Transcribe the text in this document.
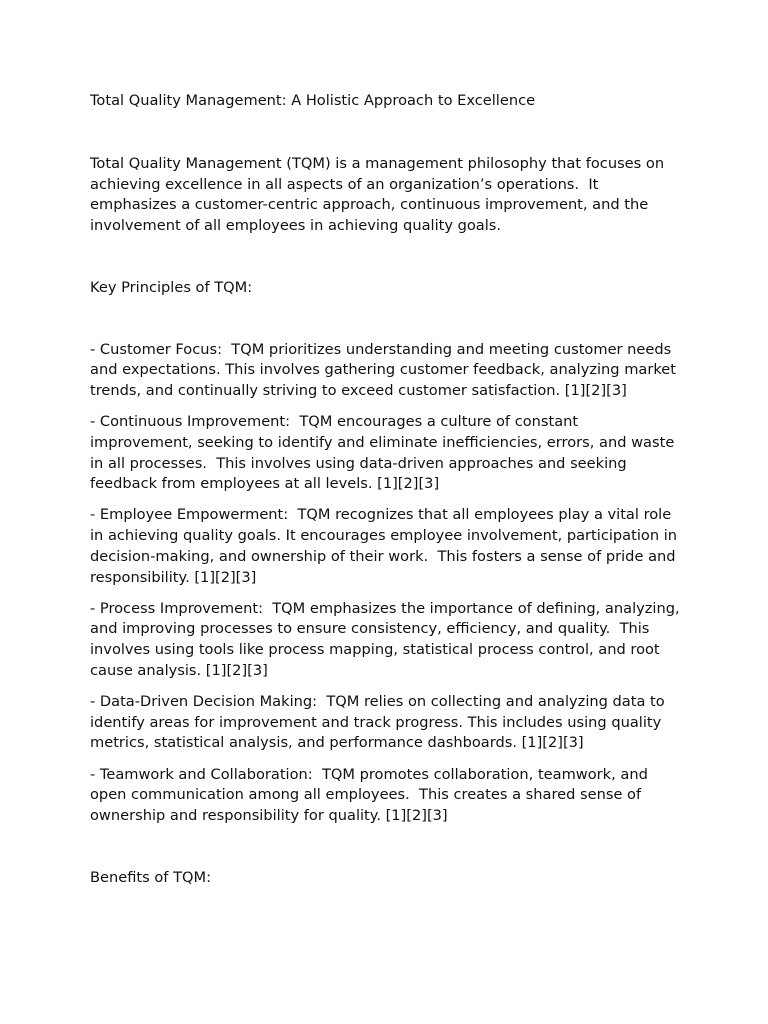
Total Quality Management: A Holistic Approach to Excellence

Total Quality Management (TQM) is a management philosophy that focuses on achieving excellence in all aspects of an organization’s operations.  It emphasizes a customer-centric approach, continuous improvement, and the involvement of all employees in achieving quality goals.

Key Principles of TQM:

- Customer Focus:  TQM prioritizes understanding and meeting customer needs and expectations. This involves gathering customer feedback, analyzing market trends, and continually striving to exceed customer satisfaction. [1][2][3]

- Continuous Improvement:  TQM encourages a culture of constant improvement, seeking to identify and eliminate inefficiencies, errors, and waste in all processes.  This involves using data-driven approaches and seeking feedback from employees at all levels. [1][2][3]

- Employee Empowerment:  TQM recognizes that all employees play a vital role in achieving quality goals. It encourages employee involvement, participation in decision-making, and ownership of their work.  This fosters a sense of pride and responsibility. [1][2][3]

- Process Improvement:  TQM emphasizes the importance of defining, analyzing, and improving processes to ensure consistency, efficiency, and quality.  This involves using tools like process mapping, statistical process control, and root cause analysis. [1][2][3]

- Data-Driven Decision Making:  TQM relies on collecting and analyzing data to identify areas for improvement and track progress. This includes using quality metrics, statistical analysis, and performance dashboards. [1][2][3]

- Teamwork and Collaboration:  TQM promotes collaboration, teamwork, and open communication among all employees.  This creates a shared sense of ownership and responsibility for quality. [1][2][3]

Benefits of TQM:
